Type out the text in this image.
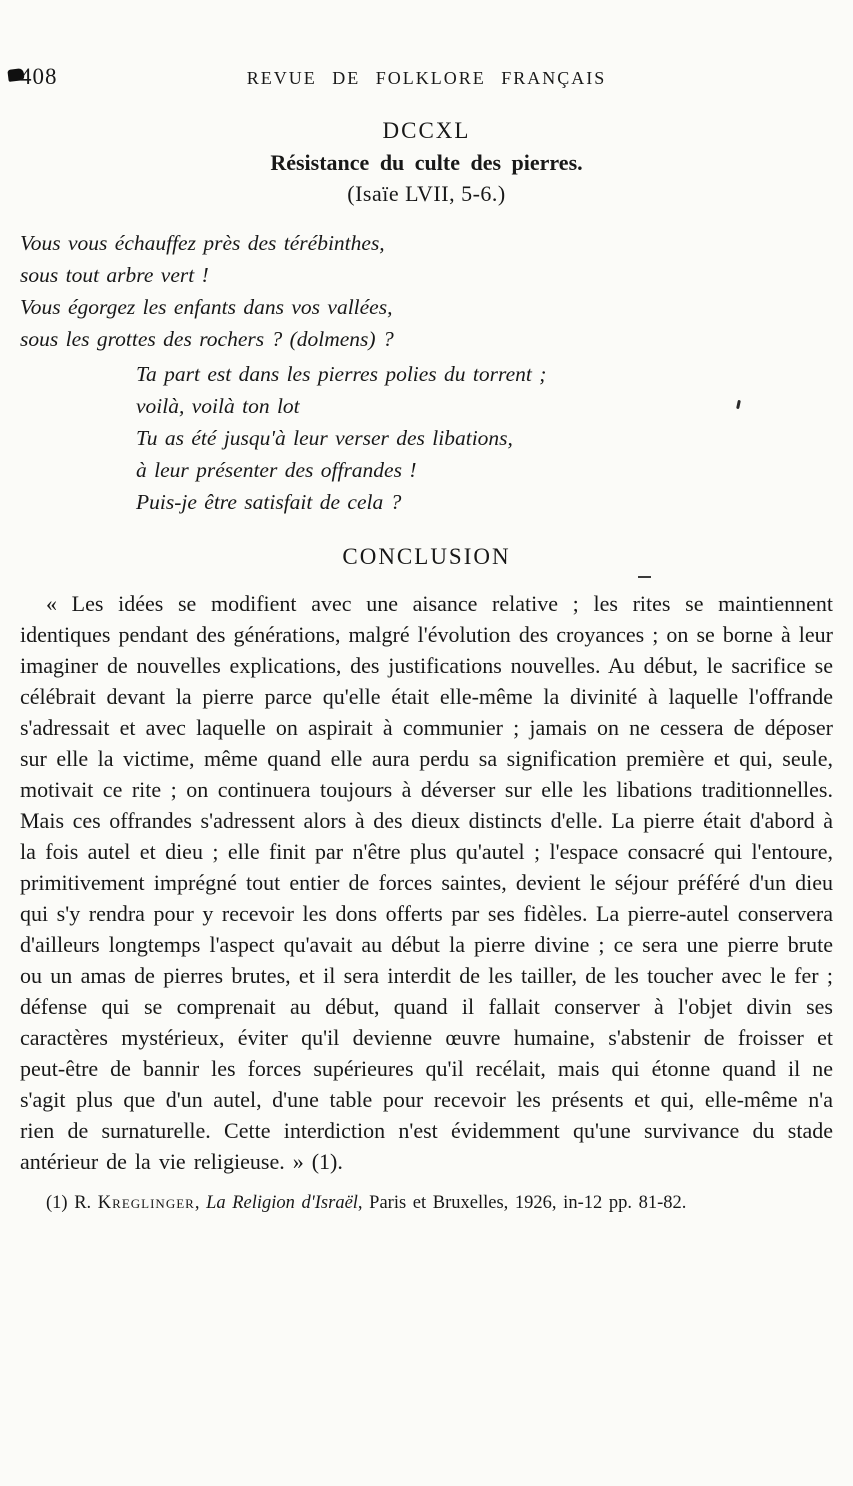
408	REVUE DE FOLKLORE FRANÇAIS
DCCXL
Résistance du culte des pierres.
(Isaïe LVII, 5-6.)
Vous vous échauffez près des térébinthes,
sous tout arbre vert !
Vous égorgez les enfants dans vos vallées,
sous les grottes des rochers ? (dolmens) ?
Ta part est dans les pierres polies du torrent ;
voilà, voilà ton lot
Tu as été jusqu'à leur verser des libations,
à leur présenter des offrandes !
Puis-je être satisfait de cela ?
CONCLUSION

« Les idées se modifient avec une aisance relative ; les rites se maintiennent identiques pendant des générations, malgré l'évolution des croyances ; on se borne à leur imaginer de nouvelles explications, des justifications nouvelles. Au début, le sacrifice se célébrait devant la pierre parce qu'elle était elle-même la divinité à laquelle l'offrande s'adressait et avec laquelle on aspirait à communier ; jamais on ne cessera de déposer sur elle la victime, même quand elle aura perdu sa signification première et qui, seule, motivait ce rite ; on continuera toujours à déverser sur elle les libations traditionnelles. Mais ces offrandes s'adressent alors à des dieux distincts d'elle. La pierre était d'abord à la fois autel et dieu ; elle finit par n'être plus qu'autel ; l'espace consacré qui l'entoure, primitivement imprégné tout entier de forces saintes, devient le séjour préféré d'un dieu qui s'y rendra pour y recevoir les dons offerts par ses fidèles. La pierre-autel conservera d'ailleurs longtemps l'aspect qu'avait au début la pierre divine ; ce sera une pierre brute ou un amas de pierres brutes, et il sera interdit de les tailler, de les toucher avec le fer ; défense qui se comprenait au début, quand il fallait conserver à l'objet divin ses caractères mystérieux, éviter qu'il devienne œuvre humaine, s'abstenir de froisser et peut-être de bannir les forces supérieures qu'il recélait, mais qui étonne quand il ne s'agit plus que d'un autel, d'une table pour recevoir les présents et qui, elle-même n'a rien de surnaturelle. Cette interdiction n'est évidemment qu'une survivance du stade antérieur de la vie religieuse. » (1).

(1) R. Kreglinger, La Religion d'Israël, Paris et Bruxelles, 1926, in-12 pp. 81-82.
